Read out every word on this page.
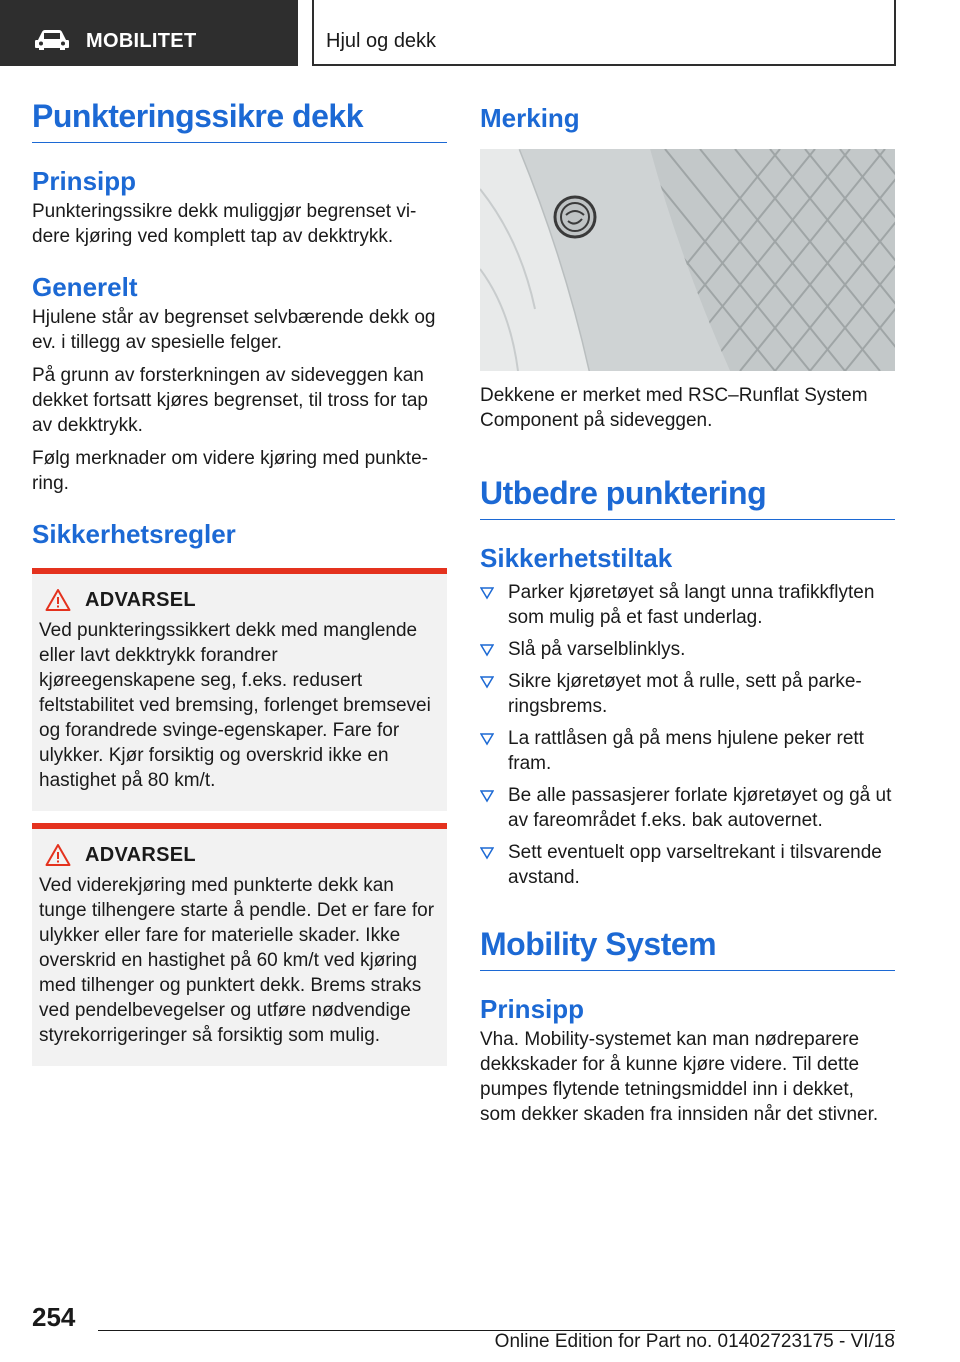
MOBILITET	Hjul og dekk
Punkteringssikre dekk
Prinsipp
Punkteringssikre dekk muliggjør begrenset vi-dere kjøring ved komplett tap av dekktrykk.
Generelt
Hjulene står av begrenset selvbærende dekk og ev. i tillegg av spesielle felger.
På grunn av forsterkningen av sideveggen kan dekket fortsatt kjøres begrenset, til tross for tap av dekktrykk.
Følg merknader om videre kjøring med punkte-ring.
Sikkerhetsregler
ADVARSEL
Ved punkteringssikkert dekk med manglende eller lavt dekktrykk forandrer kjøreegenskapene seg, f.eks. redusert feltstabilitet ved bremsing, forlenget bremsevei og forandrede svinge-egenskaper. Fare for ulykker. Kjør forsiktig og overskrid ikke en hastighet på 80 km/t.
ADVARSEL
Ved viderekjøring med punkterte dekk kan tunge tilhengere starte å pendle. Det er fare for ulykker eller fare for materielle skader. Ikke overskrid en hastighet på 60 km/t ved kjøring med tilhenger og punktert dekk. Brems straks ved pendelbevegelser og utføre nødvendige styrekorrigeringer så forsiktig som mulig.
Merking
Dekkene er merket med RSC–Runflat System Component på sideveggen.
Utbedre punktering
Sikkerhetstiltak
Parker kjøretøyet så langt unna trafikkflyten som mulig på et fast underlag.
Slå på varselblinklys.
Sikre kjøretøyet mot å rulle, sett på parke-ringsbrems.
La rattlåsen gå på mens hjulene peker rett fram.
Be alle passasjerer forlate kjøretøyet og gå ut av fareområdet f.eks. bak autovernet.
Sett eventuelt opp varseltrekant i tilsvarende avstand.
Mobility System
Prinsipp
Vha. Mobility-systemet kan man nødreparere dekkskader for å kunne kjøre videre. Til dette pumpes flytende tetningsmiddel inn i dekket, som dekker skaden fra innsiden når det stivner.
254
Online Edition for Part no. 01402723175 - VI/18
